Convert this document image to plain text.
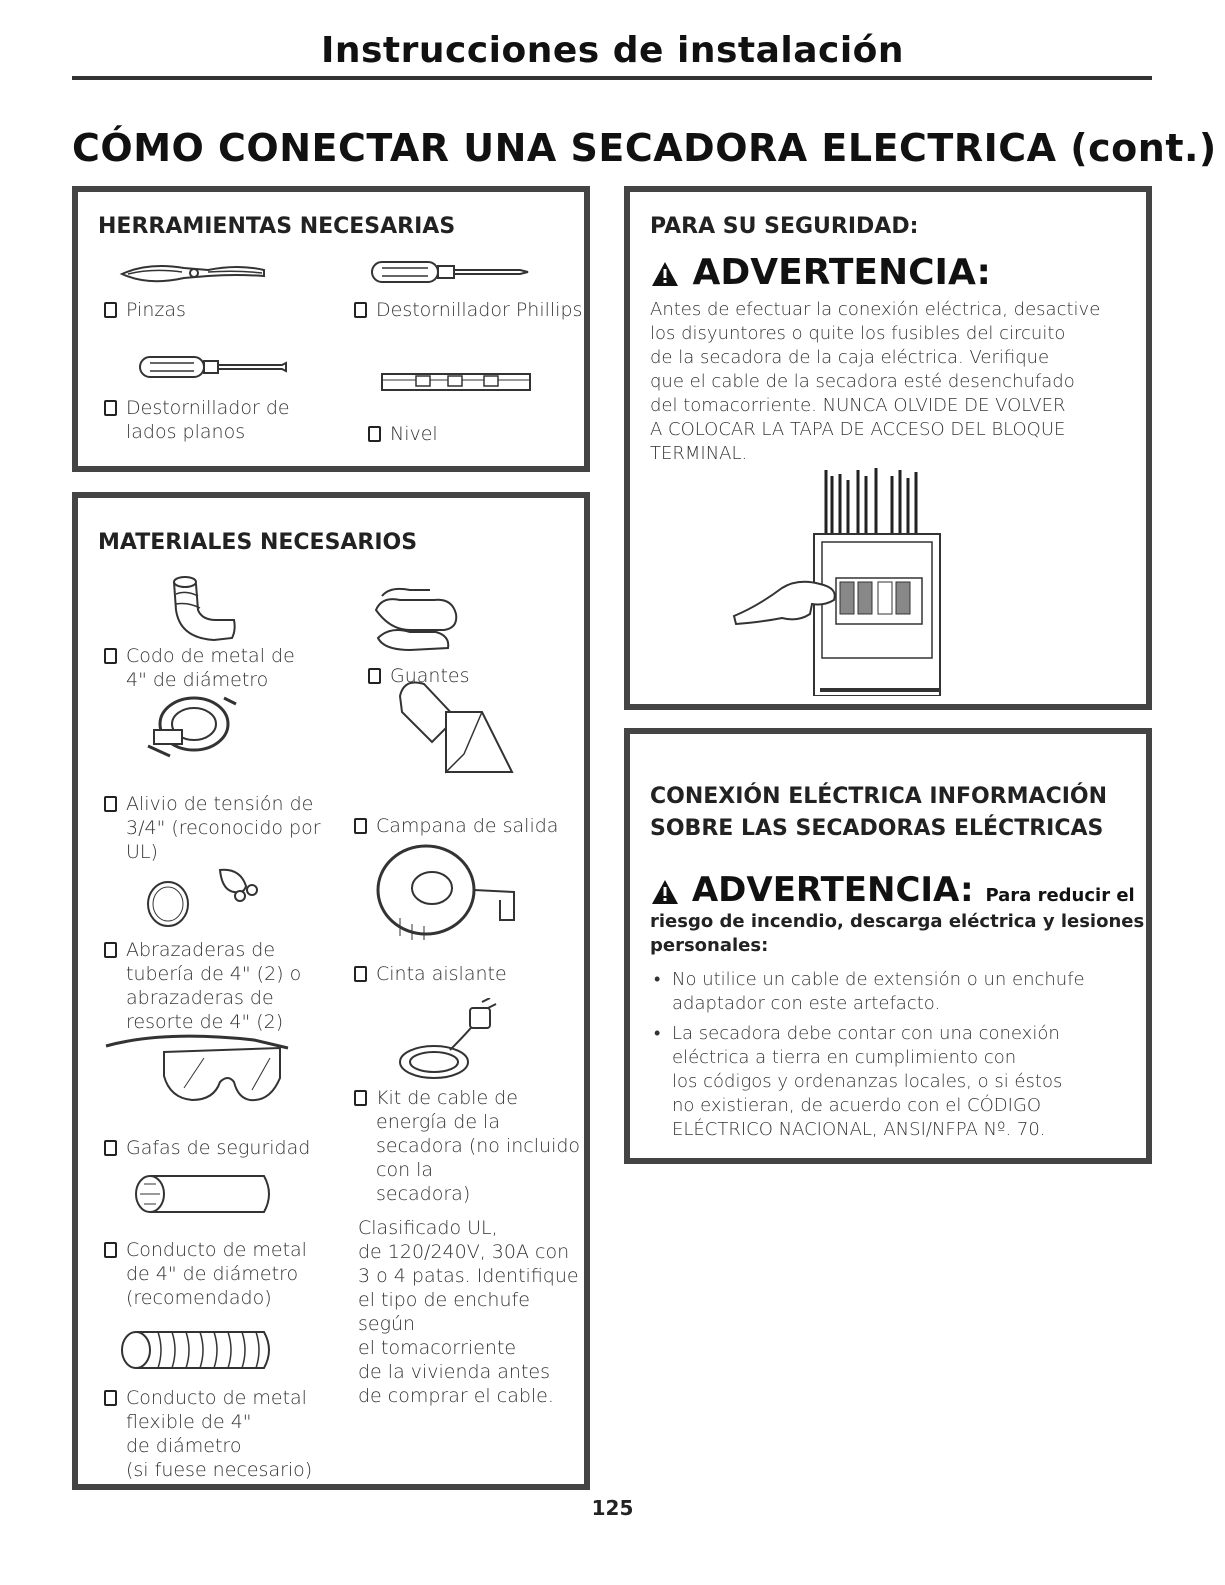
Instrucciones de instalación
CÓMO CONECTAR UNA SECADORA ELECTRICA (cont.)
HERRAMIENTAS NECESARIAS
Pinzas	Destornillador Phillips
Destornillador de
lados planos	Nivel
MATERIALES NECESARIOS
Codo de metal de
4" de diámetro	Guantes
Alivio de tensión de
3/4" (reconocido por
UL)
Campana de salida
Abrazaderas de
tubería de 4" (2) o
abrazaderas de
resorte de 4" (2)
Cinta aislante
Kit de cable de
energía de la
secadora (no incluido
con la
secadora)
Gafas de seguridad
Conducto de metal
de 4" de diámetro
(recomendado)
Conducto de metal
flexible de 4"
de diámetro
(si fuese necesario)
Clasificado UL,
de 120/240V, 30A con
3 o 4 patas. Identifique
el tipo de enchufe
según
el tomacorriente
de la vivienda antes
de comprar el cable.
PARA SU SEGURIDAD:
ADVERTENCIA:
Antes de efectuar la conexión eléctrica, desactive
los disyuntores o quite los fusibles del circuito
de la secadora de la caja eléctrica. Verifique
que el cable de la secadora esté desenchufado
del tomacorriente. NUNCA OLVIDE DE VOLVER
A COLOCAR LA TAPA DE ACCESO DEL BLOQUE
TERMINAL.
CONEXIÓN ELÉCTRICA INFORMACIÓN
SOBRE LAS SECADORAS ELÉCTRICAS
ADVERTENCIA: Para reducir el
riesgo de incendio, descarga eléctrica y lesiones
personales:
• No utilice un cable de extensión o un enchufe
adaptador con este artefacto.
• La secadora debe contar con una conexión
eléctrica a tierra en cumplimiento con
los códigos y ordenanzas locales, o si éstos
no existieran, de acuerdo con el CÓDIGO
ELÉCTRICO NACIONAL, ANSI/NFPA Nº. 70.
125
